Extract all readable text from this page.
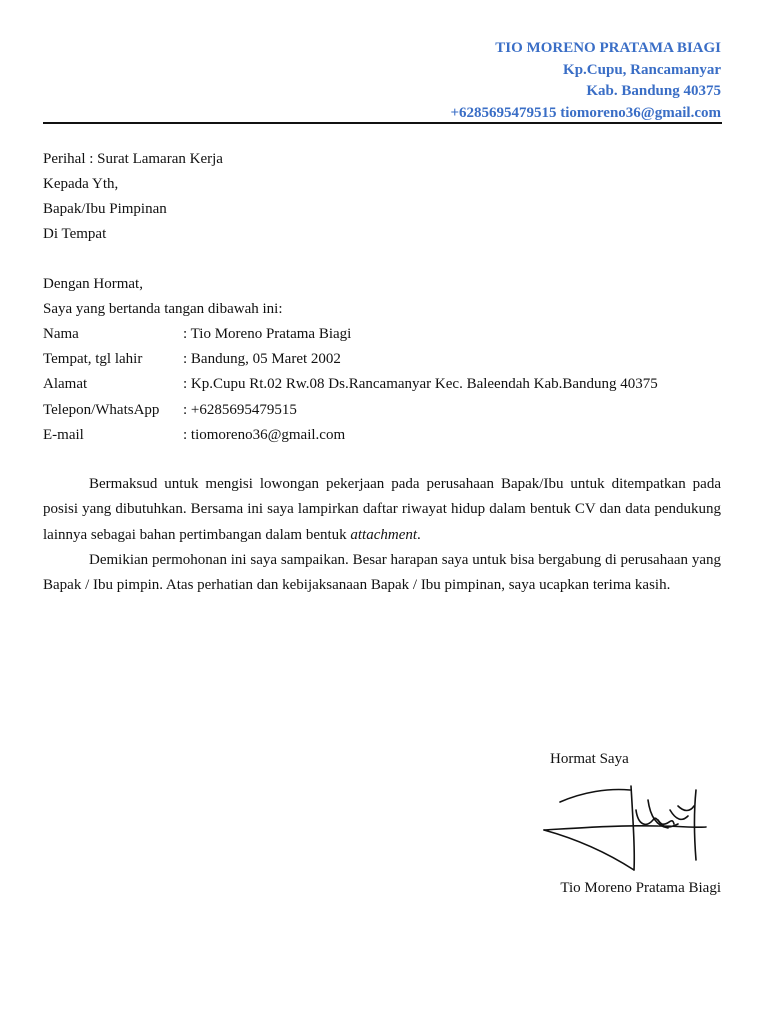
TIO MORENO PRATAMA BIAGI
Kp.Cupu, Rancamanyar
Kab. Bandung 40375
+6285695479515 tiomoreno36@gmail.com
Perihal : Surat Lamaran Kerja
Kepada Yth,
Bapak/Ibu Pimpinan
Di Tempat
Dengan Hormat,
Saya yang bertanda tangan dibawah ini:
Nama	: Tio Moreno Pratama Biagi
Tempat, tgl lahir	: Bandung, 05 Maret 2002
Alamat	: Kp.Cupu Rt.02 Rw.08 Ds.Rancamanyar Kec. Baleendah Kab.Bandung 40375
Telepon/WhatsApp	: +6285695479515
E-mail	: tiomoreno36@gmail.com

Bermaksud untuk mengisi lowongan pekerjaan pada perusahaan Bapak/Ibu untuk ditempatkan pada posisi yang dibutuhkan. Bersama ini saya lampirkan daftar riwayat hidup dalam bentuk CV dan data pendukung lainnya sebagai bahan pertimbangan dalam bentuk attachment.

Demikian permohonan ini saya sampaikan. Besar harapan saya untuk bisa bergabung di perusahaan yang Bapak / Ibu pimpin. Atas perhatian dan kebijaksanaan Bapak / Ibu pimpinan, saya ucapkan terima kasih.

Hormat Saya
Tio Moreno Pratama Biagi
